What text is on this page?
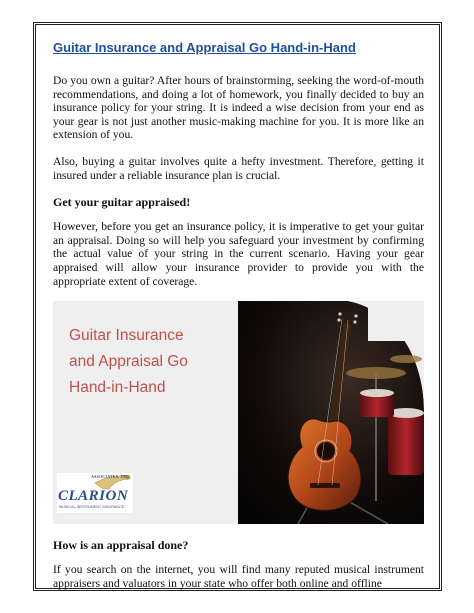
Guitar Insurance and Appraisal Go Hand-in-Hand

Do you own a guitar? After hours of brainstorming, seeking the word-of-mouth recommendations, and doing a lot of homework, you finally decided to buy an insurance policy for your string. It is indeed a wise decision from your end as your gear is not just another music-making machine for you. It is more like an extension of you.

Also, buying a guitar involves quite a hefty investment. Therefore, getting it insured under a reliable insurance plan is crucial.

Get your guitar appraised!

However, before you get an insurance policy, it is imperative to get your guitar an appraisal. Doing so will help you safeguard your investment by confirming the actual value of your string in the current scenario. Having your gear appraised will allow your insurance provider to provide you with the appropriate extent of coverage.

Guitar Insurance
and Appraisal Go
Hand-in-Hand
ASSOCIATES, INC.
CLARION
MUSICAL INSTRUMENT INSURANCE
How is an appraisal done?

If you search on the internet, you will find many reputed musical instrument appraisers and valuators in your state who offer both online and offline
